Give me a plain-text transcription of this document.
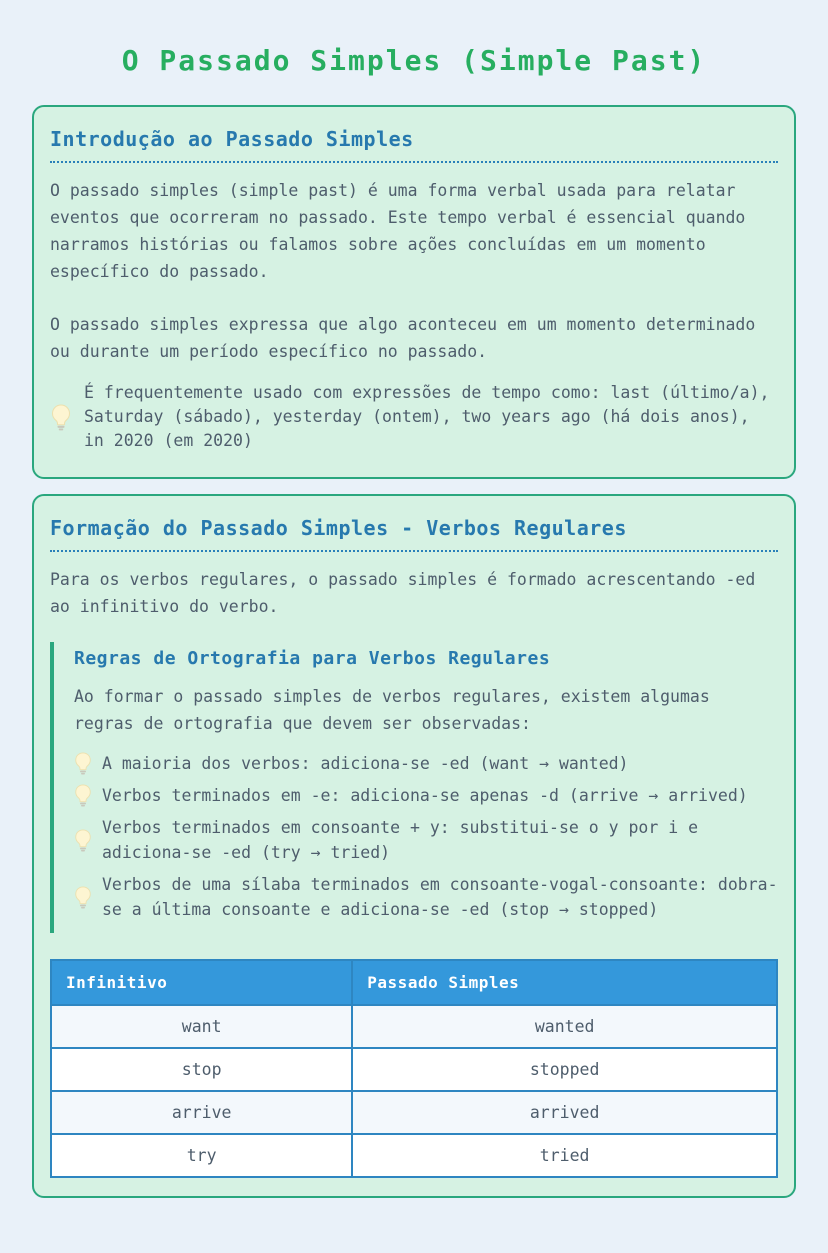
O Passado Simples (Simple Past)
Introdução ao Passado Simples

O passado simples (simple past) é uma forma verbal usada para relatar eventos que ocorreram no passado. Este tempo verbal é essencial quando narramos histórias ou falamos sobre ações concluídas em um momento específico do passado.

O passado simples expressa que algo aconteceu em um momento determinado ou durante um período específico no passado.

É frequentemente usado com expressões de tempo como: last (último/a), Saturday (sábado), yesterday (ontem), two years ago (há dois anos), in 2020 (em 2020)
Formação do Passado Simples - Verbos Regulares

Para os verbos regulares, o passado simples é formado acrescentando -ed ao infinitivo do verbo.

Regras de Ortografia para Verbos Regulares

Ao formar o passado simples de verbos regulares, existem algumas regras de ortografia que devem ser observadas:

A maioria dos verbos: adiciona-se -ed (want → wanted)
Verbos terminados em -e: adiciona-se apenas -d (arrive → arrived)
Verbos terminados em consoante + y: substitui-se o y por i e adiciona-se -ed (try → tried)
Verbos de uma sílaba terminados em consoante-vogal-consoante: dobra-se a última consoante e adiciona-se -ed (stop → stopped)
Infinitivo	Passado Simples
want	wanted
stop	stopped
arrive	arrived
try	tried
